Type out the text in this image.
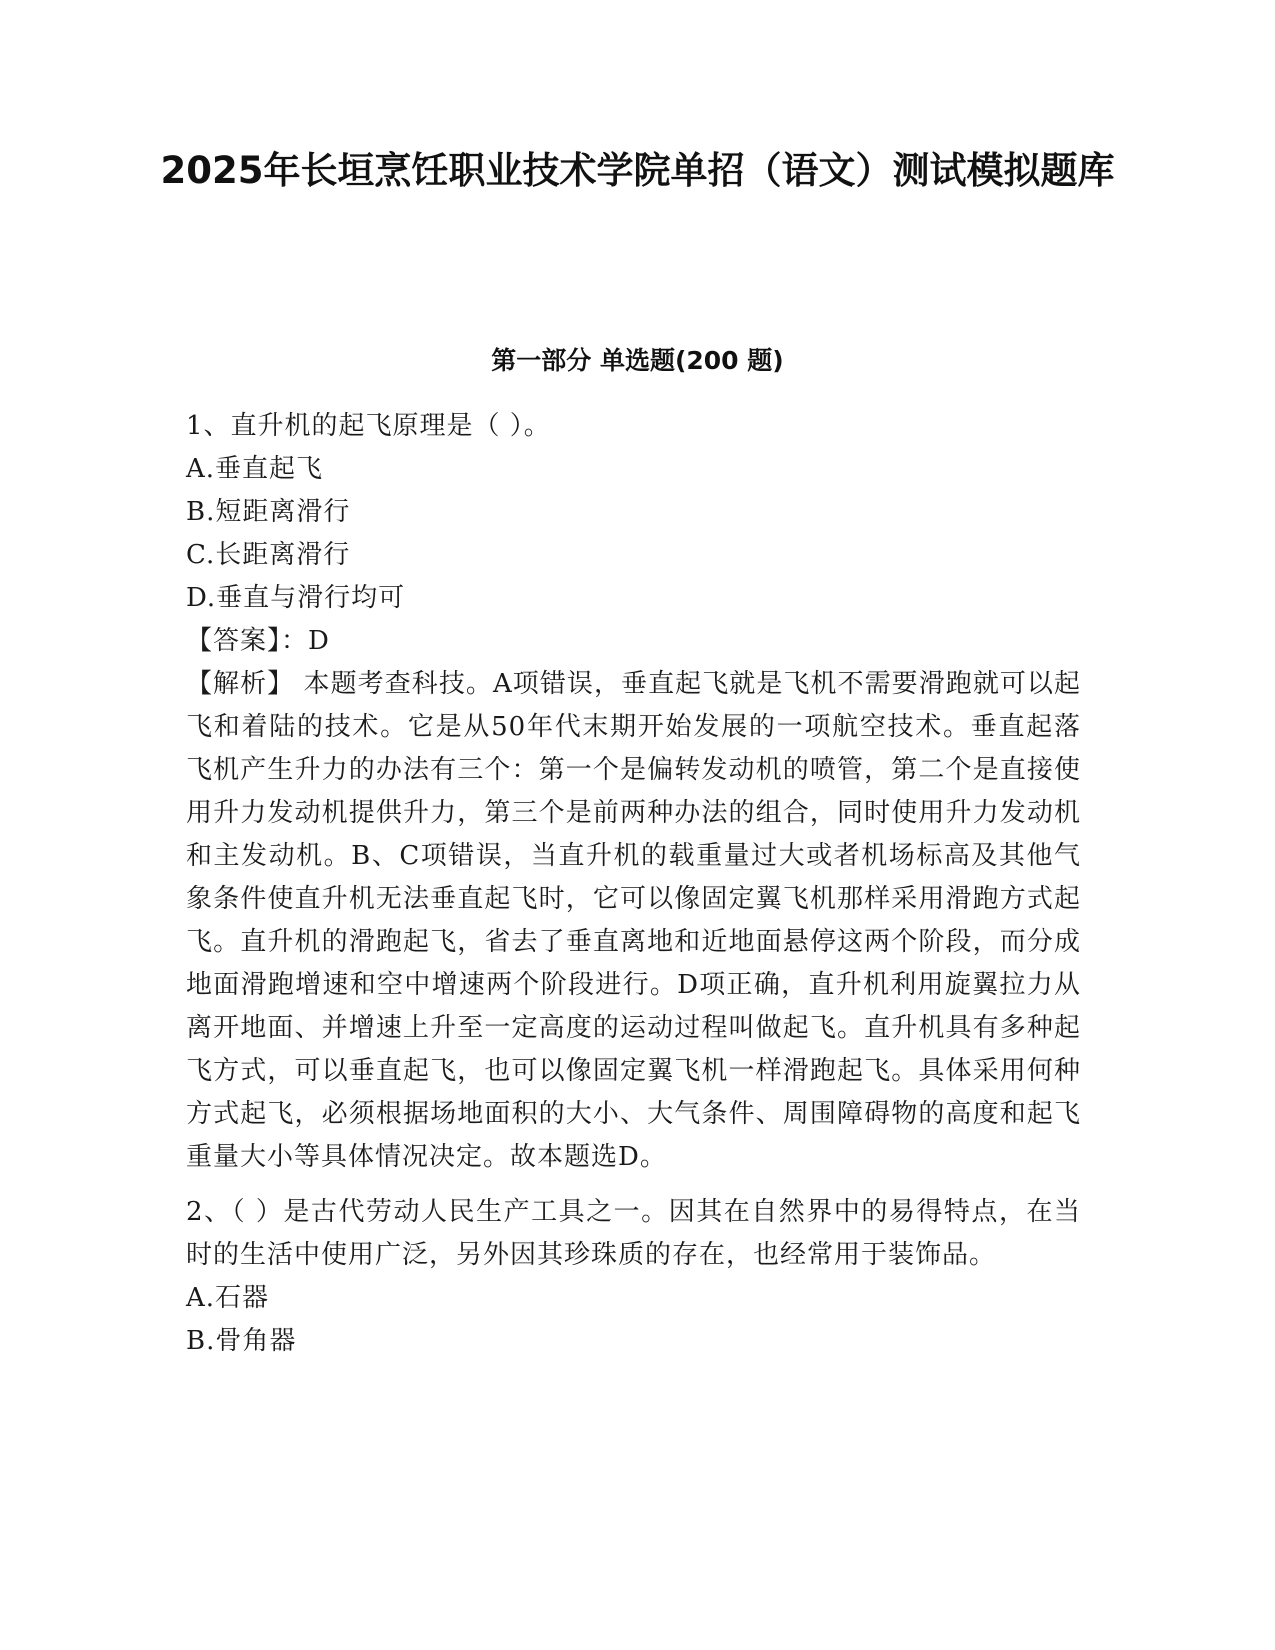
2025年长垣烹饪职业技术学院单招（语文）测试模拟题库
第一部分 单选题(200 题)

1、直升机的起飞原理是（ ）。

A.垂直起飞

B.短距离滑行

C.长距离滑行

D.垂直与滑行均可

【答案】：D

【解析】 本题考查科技。A项错误，垂直起飞就是飞机不需要滑跑就可以起飞和着陆的技术。它是从50年代末期开始发展的一项航空技术。垂直起落飞机产生升力的办法有三个：第一个是偏转发动机的喷管，第二个是直接使用升力发动机提供升力，第三个是前两种办法的组合，同时使用升力发动机和主发动机。B、C项错误，当直升机的载重量过大或者机场标高及其他气象条件使直升机无法垂直起飞时，它可以像固定翼飞机那样采用滑跑方式起飞。直升机的滑跑起飞，省去了垂直离地和近地面悬停这两个阶段，而分成地面滑跑增速和空中增速两个阶段进行。D项正确，直升机利用旋翼拉力从离开地面、并增速上升至一定高度的运动过程叫做起飞。直升机具有多种起飞方式，可以垂直起飞，也可以像固定翼飞机一样滑跑起飞。具体采用何种方式起飞，必须根据场地面积的大小、大气条件、周围障碍物的高度和起飞重量大小等具体情况决定。故本题选D。

2、（ ）是古代劳动人民生产工具之一。因其在自然界中的易得特点，在当时的生活中使用广泛，另外因其珍珠质的存在，也经常用于装饰品。

A.石器

B.骨角器
